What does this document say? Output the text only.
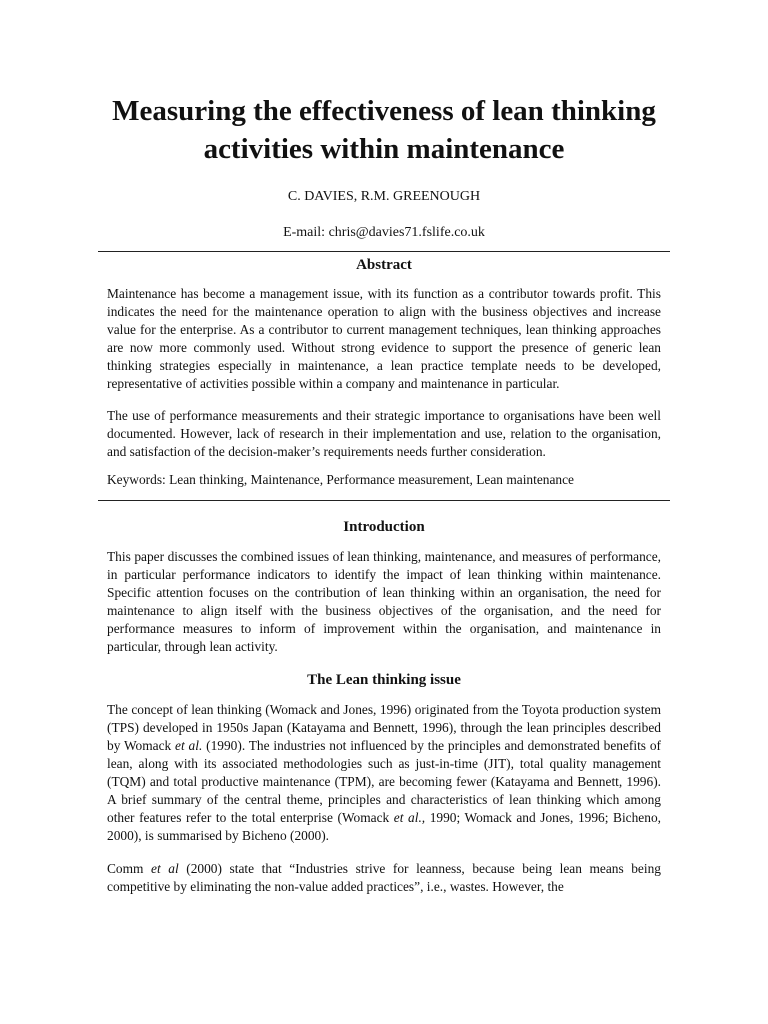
Measuring the effectiveness of lean thinking activities within maintenance
C. DAVIES, R.M. GREENOUGH
E-mail: chris@davies71.fslife.co.uk
Abstract

Maintenance has become a management issue, with its function as a contributor towards profit. This indicates the need for the maintenance operation to align with the business objectives and increase value for the enterprise. As a contributor to current management techniques, lean thinking approaches are now more commonly used. Without strong evidence to support the presence of generic lean thinking strategies especially in maintenance, a lean practice template needs to be developed, representative of activities possible within a company and maintenance in particular.

The use of performance measurements and their strategic importance to organisations have been well documented. However, lack of research in their implementation and use, relation to the organisation, and satisfaction of the decision-maker’s requirements needs further consideration.

Keywords: Lean thinking, Maintenance, Performance measurement, Lean maintenance

Introduction

This paper discusses the combined issues of lean thinking, maintenance, and measures of performance, in particular performance indicators to identify the impact of lean thinking within maintenance. Specific attention focuses on the contribution of lean thinking within an organisation, the need for maintenance to align itself with the business objectives of the organisation, and the need for performance measures to inform of improvement within the organisation, and maintenance in particular, through lean activity.

The Lean thinking issue

The concept of lean thinking (Womack and Jones, 1996) originated from the Toyota production system (TPS) developed in 1950s Japan (Katayama and Bennett, 1996), through the lean principles described by Womack et al. (1990). The industries not influenced by the principles and demonstrated benefits of lean, along with its associated methodologies such as just-in-time (JIT), total quality management (TQM) and total productive maintenance (TPM), are becoming fewer (Katayama and Bennett, 1996). A brief summary of the central theme, principles and characteristics of lean thinking which among other features refer to the total enterprise (Womack et al., 1990; Womack and Jones, 1996; Bicheno, 2000), is summarised by Bicheno (2000).

Comm et al (2000) state that “Industries strive for leanness, because being lean means being competitive by eliminating the non-value added practices”, i.e., wastes. However, the
